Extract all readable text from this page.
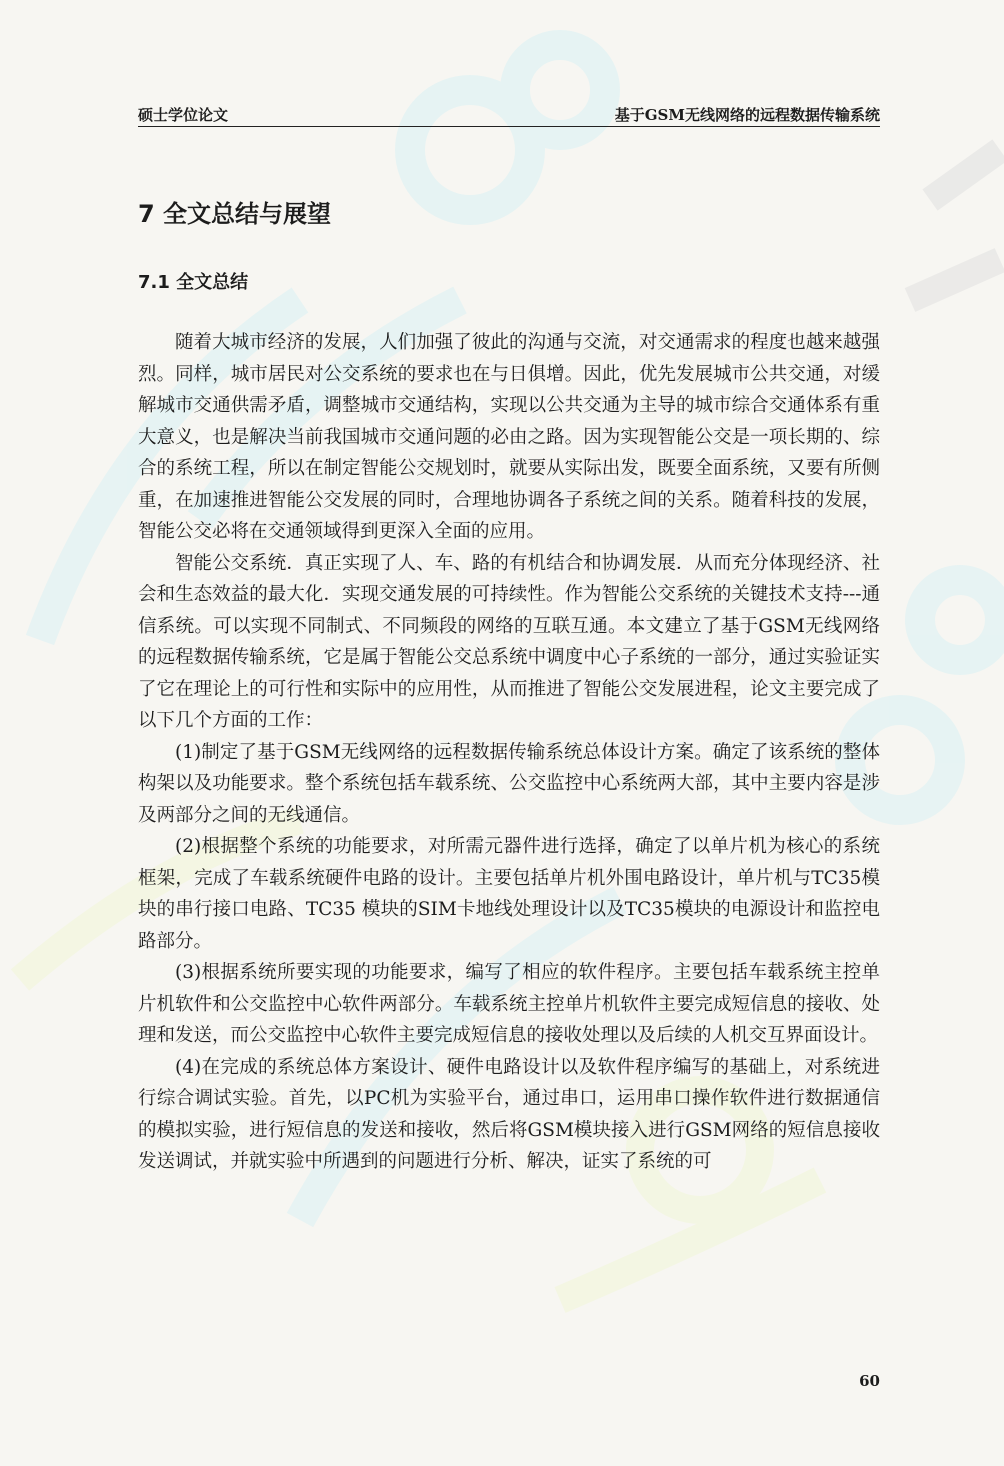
硕士学位论文	基于GSM无线网络的远程数据传输系统
7 全文总结与展望
7.1 全文总结

随着大城市经济的发展，人们加强了彼此的沟通与交流，对交通需求的程度也越来越强烈。同样，城市居民对公交系统的要求也在与日俱增。因此，优先发展城市公共交通，对缓解城市交通供需矛盾，调整城市交通结构，实现以公共交通为主导的城市综合交通体系有重大意义，也是解决当前我国城市交通问题的必由之路。因为实现智能公交是一项长期的、综合的系统工程，所以在制定智能公交规划时，就要从实际出发，既要全面系统，又要有所侧重，在加速推进智能公交发展的同时，合理地协调各子系统之间的关系。随着科技的发展，智能公交必将在交通领域得到更深入全面的应用。

智能公交系统．真正实现了人、车、路的有机结合和协调发展．从而充分体现经济、社会和生态效益的最大化．实现交通发展的可持续性。作为智能公交系统的关键技术支持---通信系统。可以实现不同制式、不同频段的网络的互联互通。本文建立了基于GSM无线网络的远程数据传输系统，它是属于智能公交总系统中调度中心子系统的一部分，通过实验证实了它在理论上的可行性和实际中的应用性，从而推进了智能公交发展进程，论文主要完成了以下几个方面的工作：

(1)制定了基于GSM无线网络的远程数据传输系统总体设计方案。确定了该系统的整体构架以及功能要求。整个系统包括车载系统、公交监控中心系统两大部，其中主要内容是涉及两部分之间的无线通信。

(2)根据整个系统的功能要求，对所需元器件进行选择，确定了以单片机为核心的系统框架，完成了车载系统硬件电路的设计。主要包括单片机外围电路设计，单片机与TC35模块的串行接口电路、TC35 模块的SIM卡地线处理设计以及TC35模块的电源设计和监控电路部分。

(3)根据系统所要实现的功能要求，编写了相应的软件程序。主要包括车载系统主控单片机软件和公交监控中心软件两部分。车载系统主控单片机软件主要完成短信息的接收、处理和发送，而公交监控中心软件主要完成短信息的接收处理以及后续的人机交互界面设计。

(4)在完成的系统总体方案设计、硬件电路设计以及软件程序编写的基础上，对系统进行综合调试实验。首先，以PC机为实验平台，通过串口，运用串口操作软件进行数据通信的模拟实验，进行短信息的发送和接收，然后将GSM模块接入进行GSM网络的短信息接收发送调试，并就实验中所遇到的问题进行分析、解决，证实了系统的可

60
